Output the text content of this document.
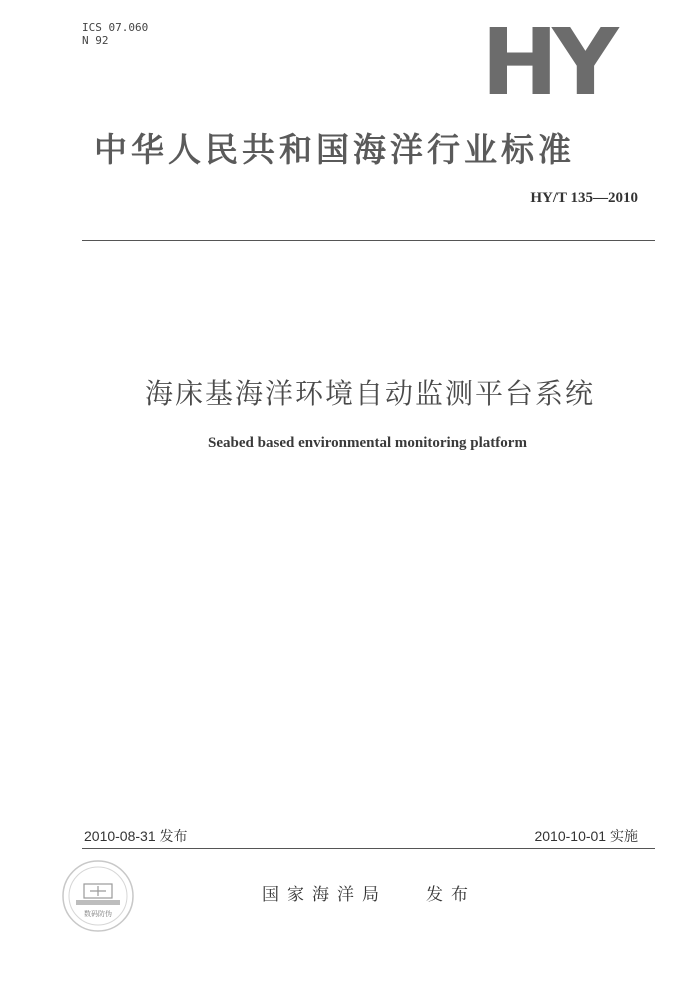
ICS 07.060
N 92	HY
中华人民共和国海洋行业标准
HY/T 135—2010
海床基海洋环境自动监测平台系统
Seabed based environmental monitoring platform
2010-08-31 发布	2010-10-01 实施
数码防伪
国家海洋局 发布
